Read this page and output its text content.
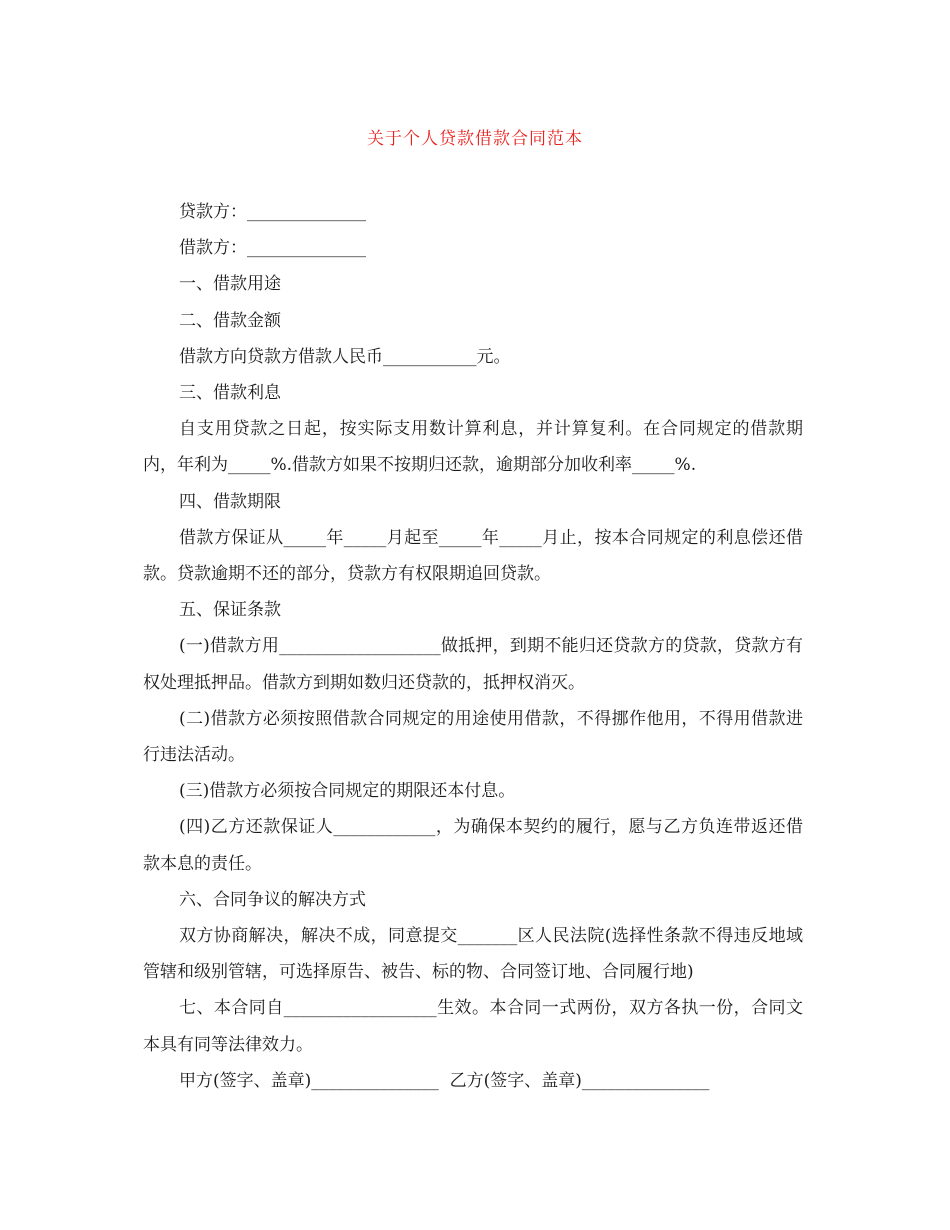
关于个人贷款借款合同范本

贷款方：______________

借款方：______________

一、借款用途

二、借款金额

借款方向贷款方借款人民币___________元。

三、借款利息

自支用贷款之日起，按实际支用数计算利息，并计算复利。在合同规定的借款期内，年利为_____%.借款方如果不按期归还款，逾期部分加收利率_____%.

四、借款期限

借款方保证从_____年_____月起至_____年_____月止，按本合同规定的利息偿还借款。贷款逾期不还的部分，贷款方有权限期追回贷款。

五、保证条款

(一)借款方用___________________做抵押，到期不能归还贷款方的贷款，贷款方有权处理抵押品。借款方到期如数归还贷款的，抵押权消灭。

(二)借款方必须按照借款合同规定的用途使用借款，不得挪作他用，不得用借款进行违法活动。

(三)借款方必须按合同规定的期限还本付息。

(四)乙方还款保证人____________，为确保本契约的履行，愿与乙方负连带返还借款本息的责任。

六、合同争议的解决方式

双方协商解决，解决不成，同意提交_______区人民法院(选择性条款不得违反地域管辖和级别管辖，可选择原告、被告、标的物、合同签订地、合同履行地)

七、本合同自__________________生效。本合同一式两份，双方各执一份，合同文本具有同等法律效力。

甲方(签字、盖章)_______________  乙方(签字、盖章)_______________
